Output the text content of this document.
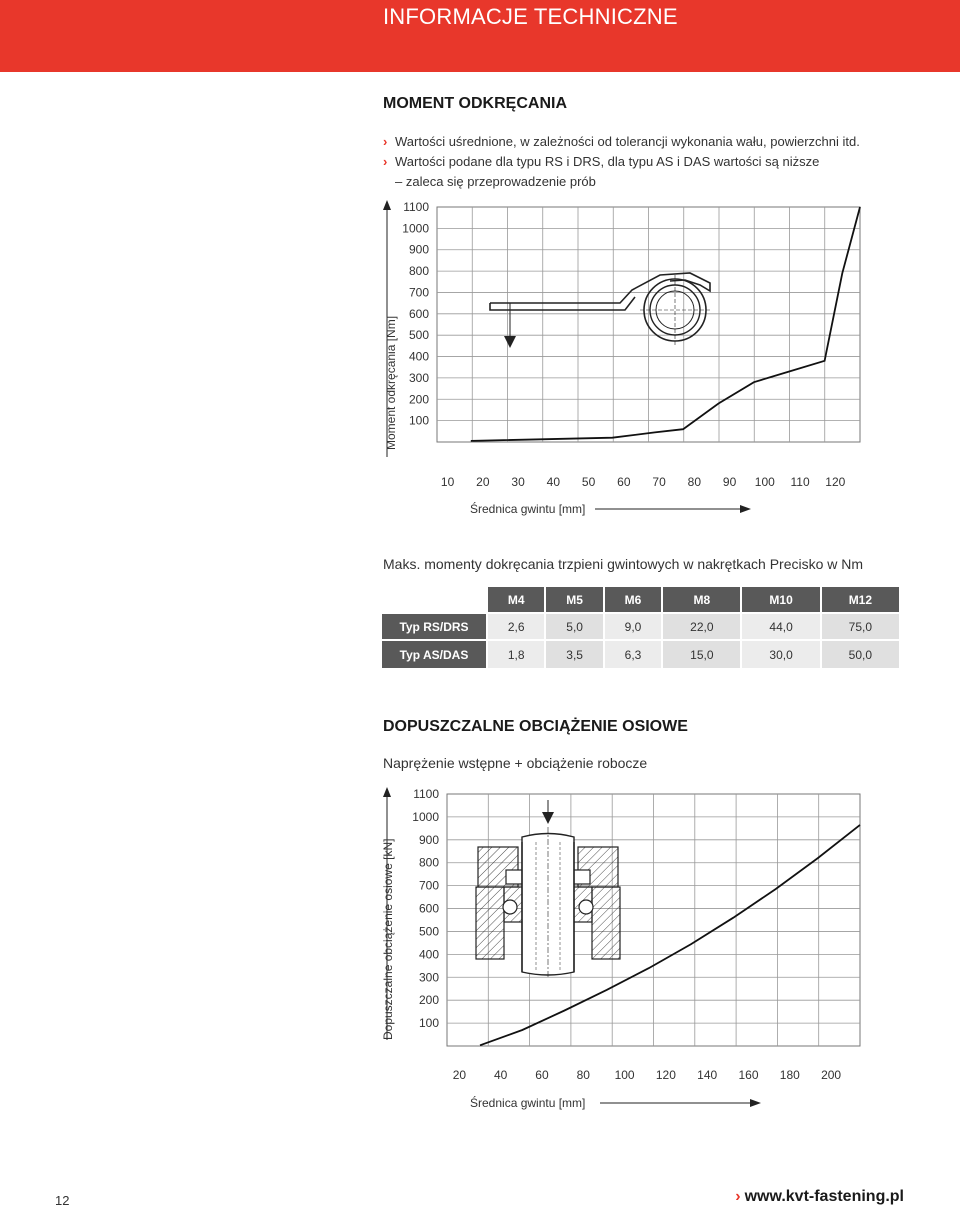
INFORMACJE TECHNICZNE
MOMENT ODKRĘCANIA
› Wartości uśrednione, w zależności od tolerancji wykonania wału, powierzchni itd.
› Wartości podane dla typu RS i DRS, dla typu AS i DAS wartości są niższe
– zaleca się przeprowadzenie prób
1100
1000
900
800
700
600
500
400
300
200
100
10 20 30 40 50 60 70 80 90 100 110 120
Moment odkręcania [Nm]
Średnica gwintu [mm]
Maks. momenty dokręcania trzpieni gwintowych w nakrętkach Precisko w Nm
	M4	M5	M6	M8	M10	M12
Typ RS/DRS	2,6	5,0	9,0	22,0	44,0	75,0
Typ AS/DAS	1,8	3,5	6,3	15,0	30,0	50,0
DOPUSZCZALNE OBCIĄŻENIE OSIOWE
Naprężenie wstępne + obciążenie robocze
1100
1000
900
800
700
600
500
400
300
200
100
20 40 60 80 100 120 140 160 180 200
Dopuszczalne obciążenie osiowe [kN]
Średnica gwintu [mm]
12	› www.kvt-fastening.pl
